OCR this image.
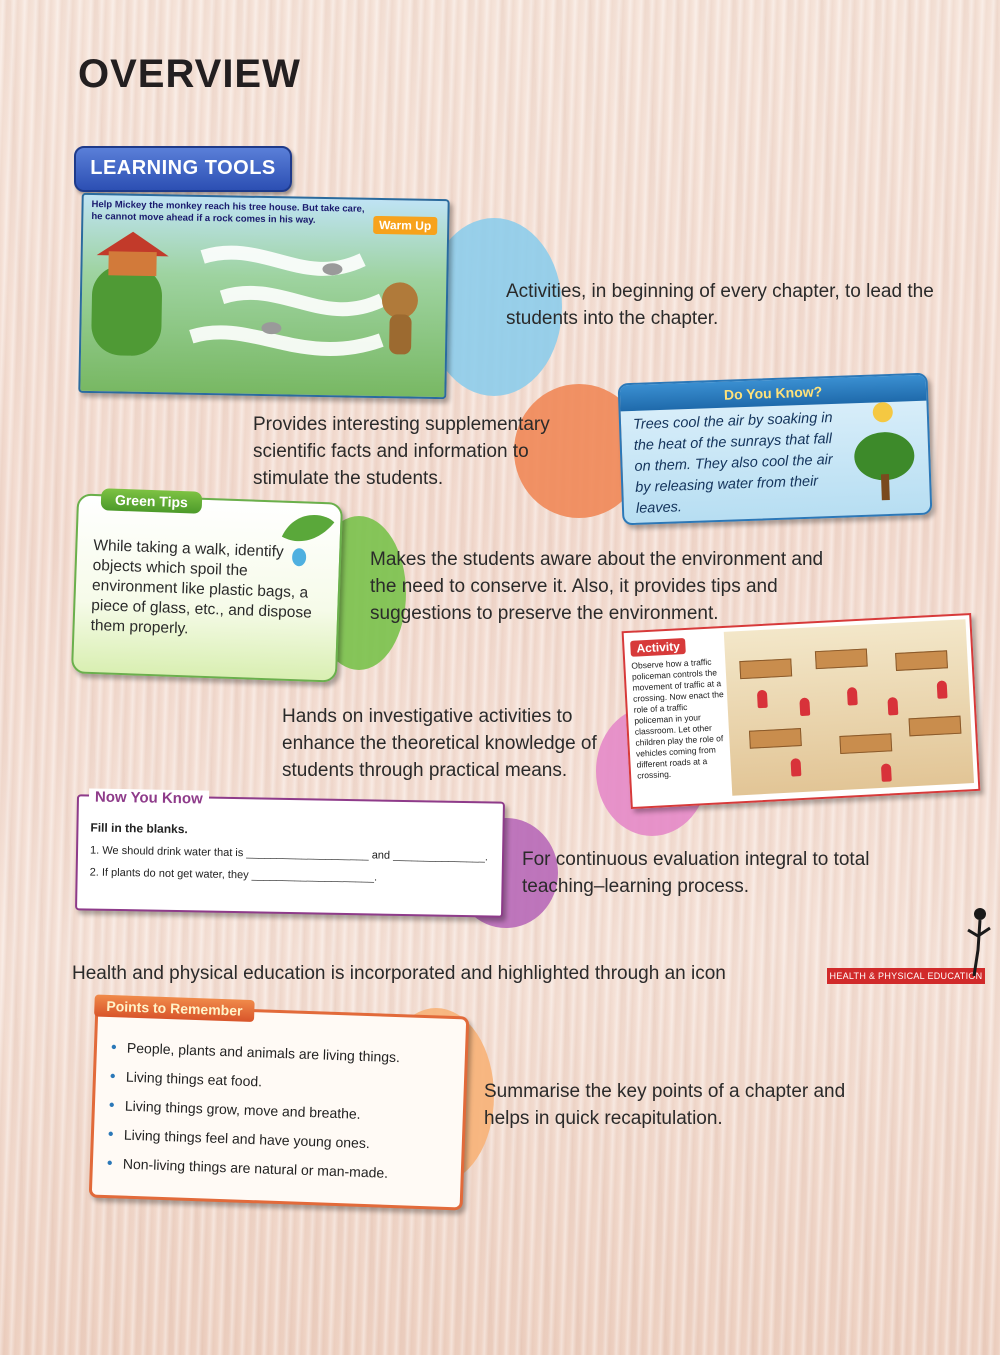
OVERVIEW
LEARNING TOOLS
Help Mickey the monkey reach his tree house. But take care, he cannot move ahead if a rock comes in his way.	Warm Up
Activities, in beginning of every chapter, to lead the students into the chapter.
Provides interesting supplementary scientific facts and information to stimulate the students.
Do You Know?
Trees cool the air by soaking in the heat of the sunrays that fall on them. They also cool the air by releasing water from their leaves.
Green Tips
While taking a walk, identify objects which spoil the environment like plastic bags, a piece of glass, etc., and dispose them properly.
Makes the students aware about the environment and the need to conserve it. Also, it provides tips and suggestions to preserve the environment.
Hands on investigative activities to enhance the theoretical knowledge of students through practical means.
Activity
Observe how a traffic policeman controls the movement of traffic at a crossing. Now enact the role of a traffic policeman in your classroom. Let other children play the role of vehicles coming from different roads at a crossing.
Now You Know
Fill in the blanks.
1. We should drink water that is ____________________ and _______________.
2. If plants do not get water, they ____________________.
For continuous evaluation integral to total teaching–learning process.
Health and physical education is incorporated and highlighted through an icon	HEALTH & PHYSICAL EDUCATION
Points to Remember
• People, plants and animals are living things.
• Living things eat food.
• Living things grow, move and breathe.
• Living things feel and have young ones.
• Non-living things are natural or man-made.
Summarise the key points of a chapter and helps in quick recapitulation.
